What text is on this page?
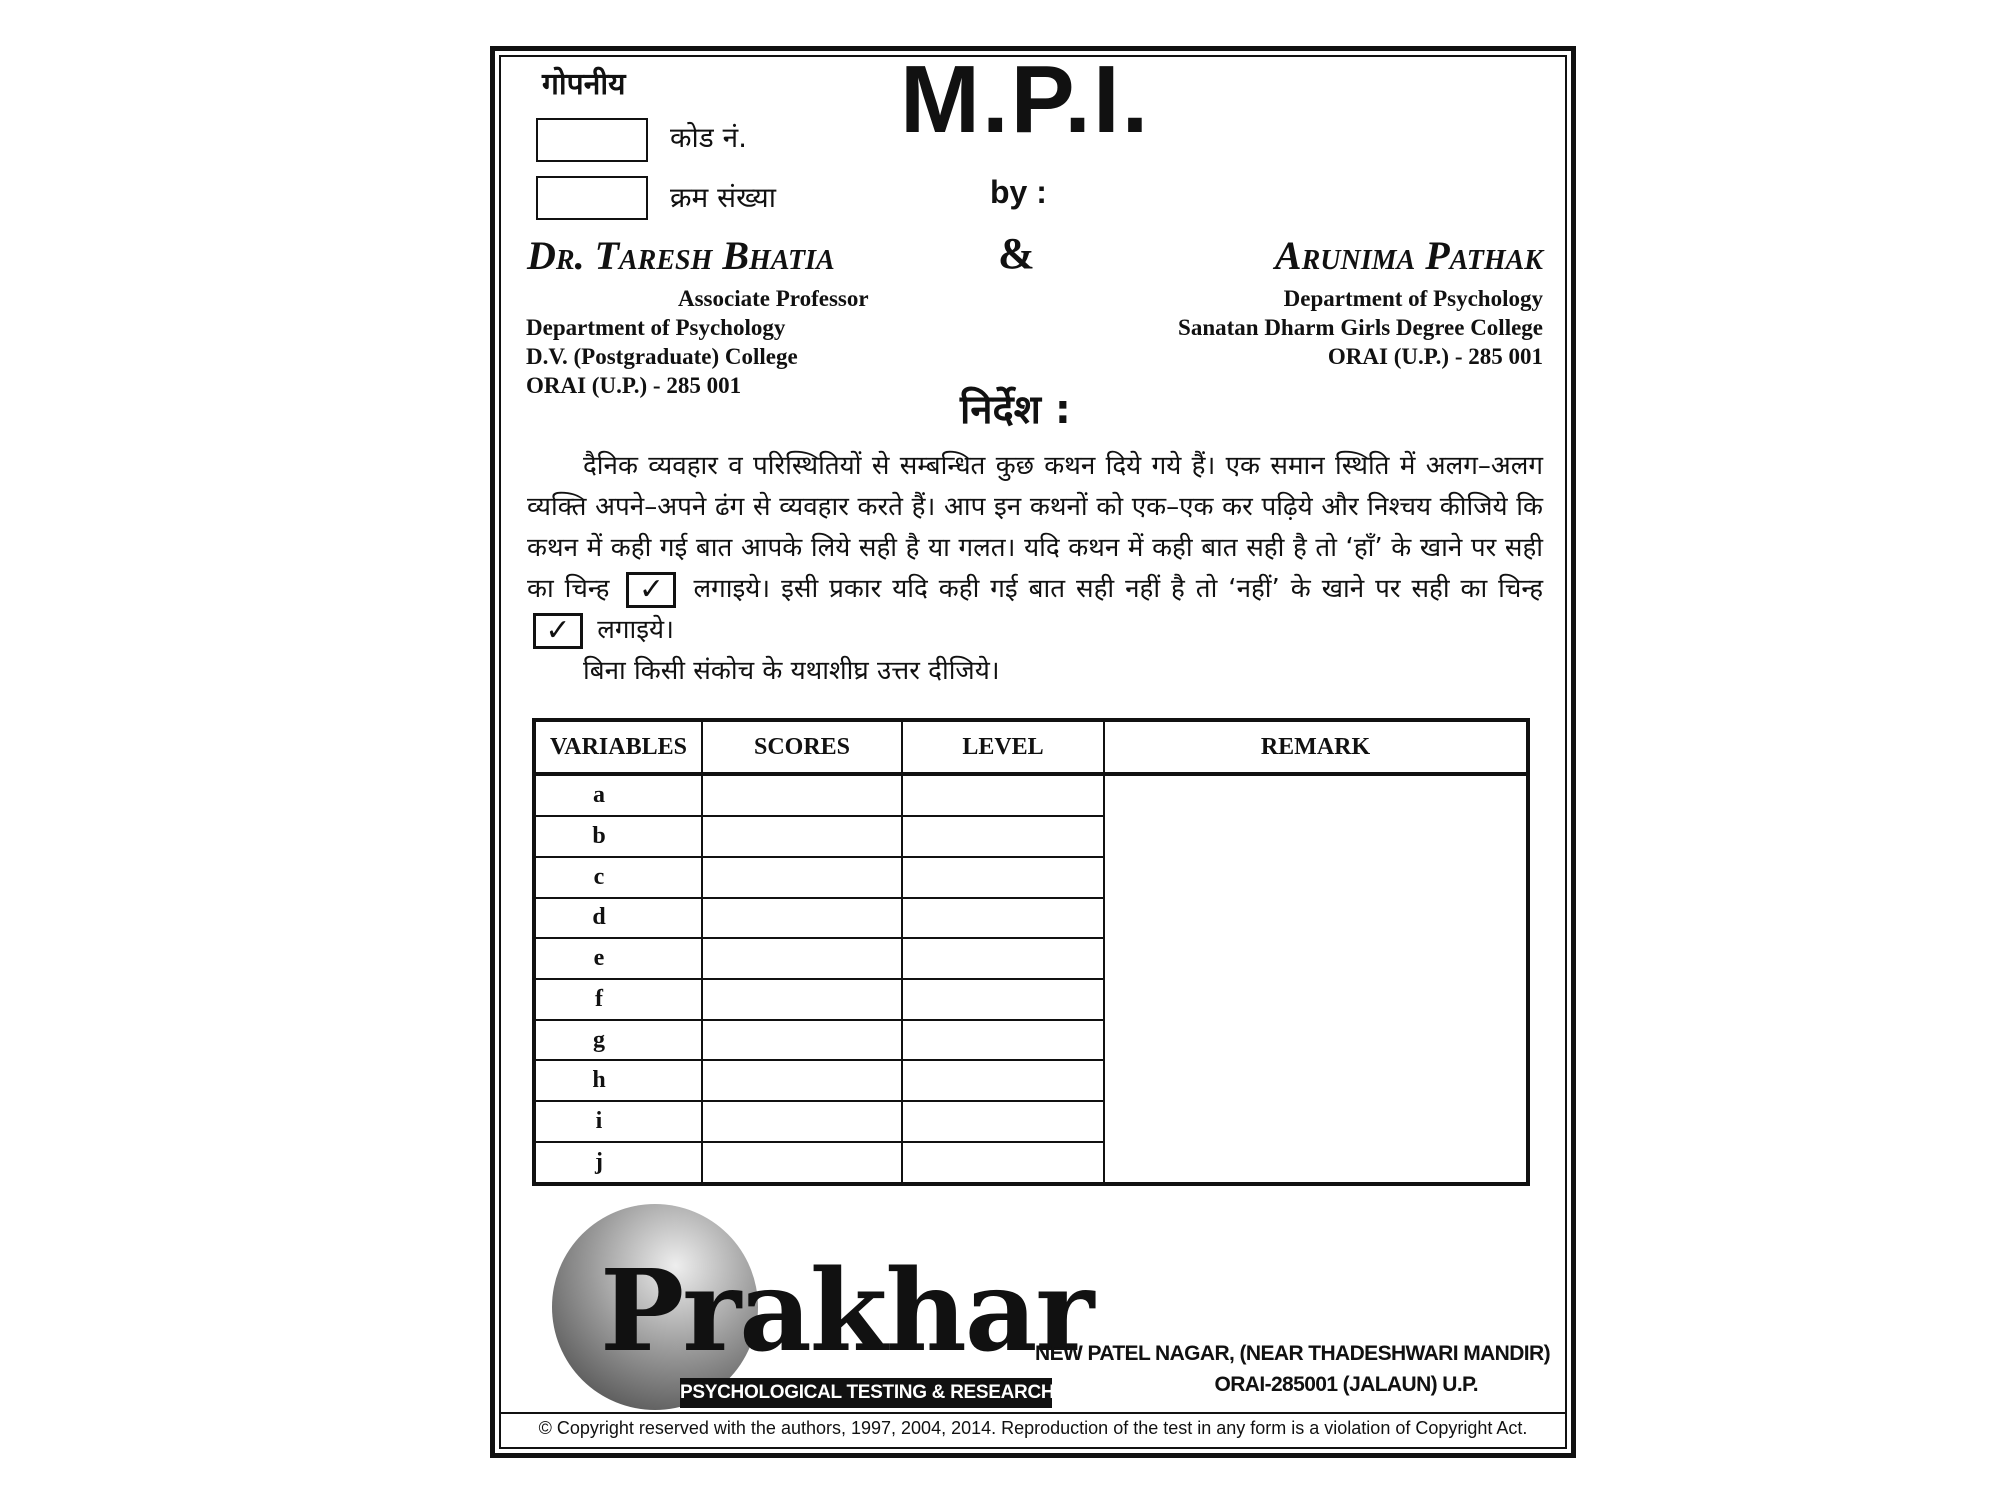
गोपनीय
कोड नं.
क्रम संख्या
M.P.I.
by :
Dr. Taresh Bhatia	&	Arunima Pathak
Associate Professor
Department of Psychology
D.V. (Postgraduate) College
ORAI (U.P.) - 285 001
Department of Psychology
Sanatan Dharm Girls Degree College
ORAI (U.P.) - 285 001
निर्देश :

दैनिक व्यवहार व परिस्थितियों से सम्बन्धित कुछ कथन दिये गये हैं। एक समान स्थिति में अलग–अलग व्यक्ति अपने–अपने ढंग से व्यवहार करते हैं। आप इन कथनों को एक–एक कर पढ़िये और निश्चय कीजिये कि कथन में कही गई बात आपके लिये सही है या गलत। यदि कथन में कही बात सही है तो ‘हाँ’ के खाने पर सही का चिन्ह ✓ लगाइये। इसी प्रकार यदि कही गई बात सही नहीं है तो ‘नहीं’ के खाने पर सही का चिन्ह ✓ लगाइये।

बिना किसी संकोच के यथाशीघ्र उत्तर दीजिये।

VARIABLES	SCORES	LEVEL	REMARK
a			
b			
c			
d			
e			
f			
g			
h			
i			
j			
Prakhar
PSYCHOLOGICAL TESTING & RESEARCH CENTRE
NEW PATEL NAGAR, (NEAR THADESHWARI MANDIR)
ORAI-285001 (JALAUN) U.P.
© Copyright reserved with the authors, 1997, 2004, 2014. Reproduction of the test in any form is a violation of Copyright Act.
